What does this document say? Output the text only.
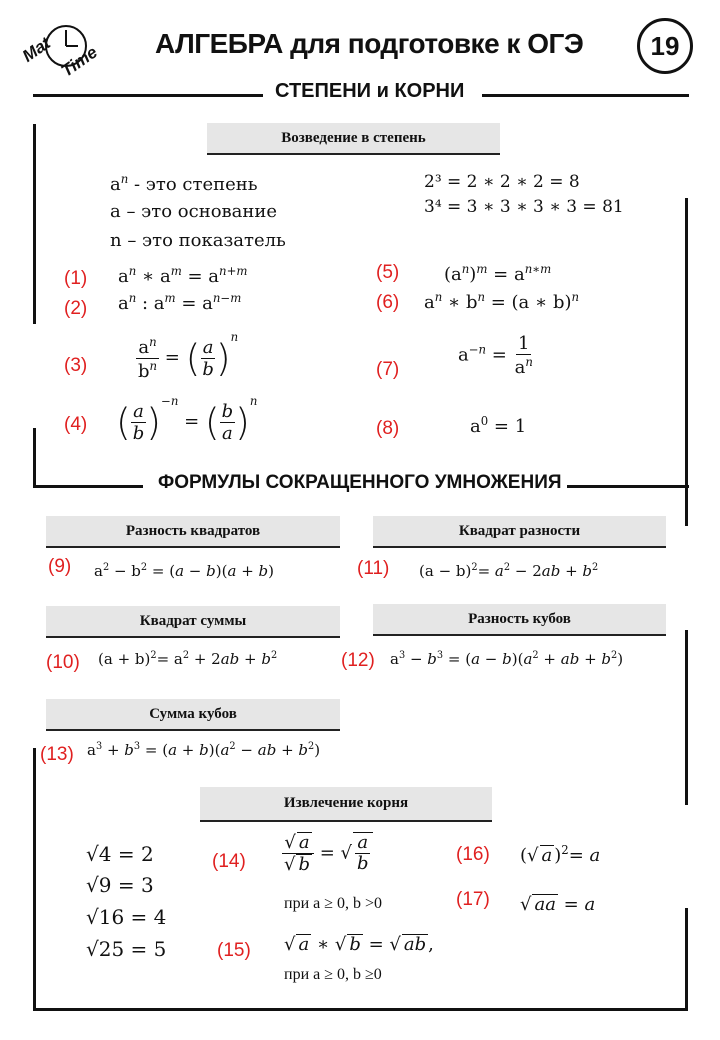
Mat Time АЛГЕБРА для подготовке к ОГЭ	19
СТЕПЕНИ и КОРНИ
Возведение в степень
$a^n$ - это степень
a – это основание
n – это показатель
2³ = 2 ∗ 2 ∗ 2 = 8
3⁴ = 3 ∗ 3 ∗ 3 ∗ 3 = 81
(1) $a^n$ ∗ $a^m = a^{n+m}$
(2) $a^n$ : $a^m = a^{n-m}$
(5) $(a^n)^m = a^{n∗m}$
(6) $a^n$ ∗ $b^n = (a$ ∗ b)$^n$
(3)	$\frac{a^n}{b^n}$ = ( $\frac{a}{b} )^n$
(7)
$a^{-n} = \frac{1}{a^n}$
(4) ( $\frac{a}{b} )^{-n}$ = ( $\frac{b}{a} )^n$
(8)	$a^0 = 1$
ФОРМУЛЫ СОКРАЩЕННОГО УМНОЖЕНИЯ
Разность квадратов	Квадрат разности
(9) $a^2 - b^2 = (a - b)(a + b)$	(11) $(a - b)^2= a^2 - 2ab + b^2$
Квадрат суммы	Разность кубов
(10) $(a + b)^2= a^2 + 2ab + b^2$	(12) $a^3 - b^3 = (a - b)(a^2$ + ab + $b^2$)
Сумма кубов
(13) $a^3 + b^3 = (a + b)(a^2$ − ab + $b^2$)
Извлечение корня
√4 = 2
√9 = 3
√16 = 4
√25 = 5
$(14) \frac{√ a}{√ b}$ = √ $\frac{a}{b}$
при a ≥ 0, b >0
(15) √ a ∗ √ b = √ ab ,
при a ≥ 0, b ≥0
(16) (√ a )$^2$= a
(17) √ aa = a
